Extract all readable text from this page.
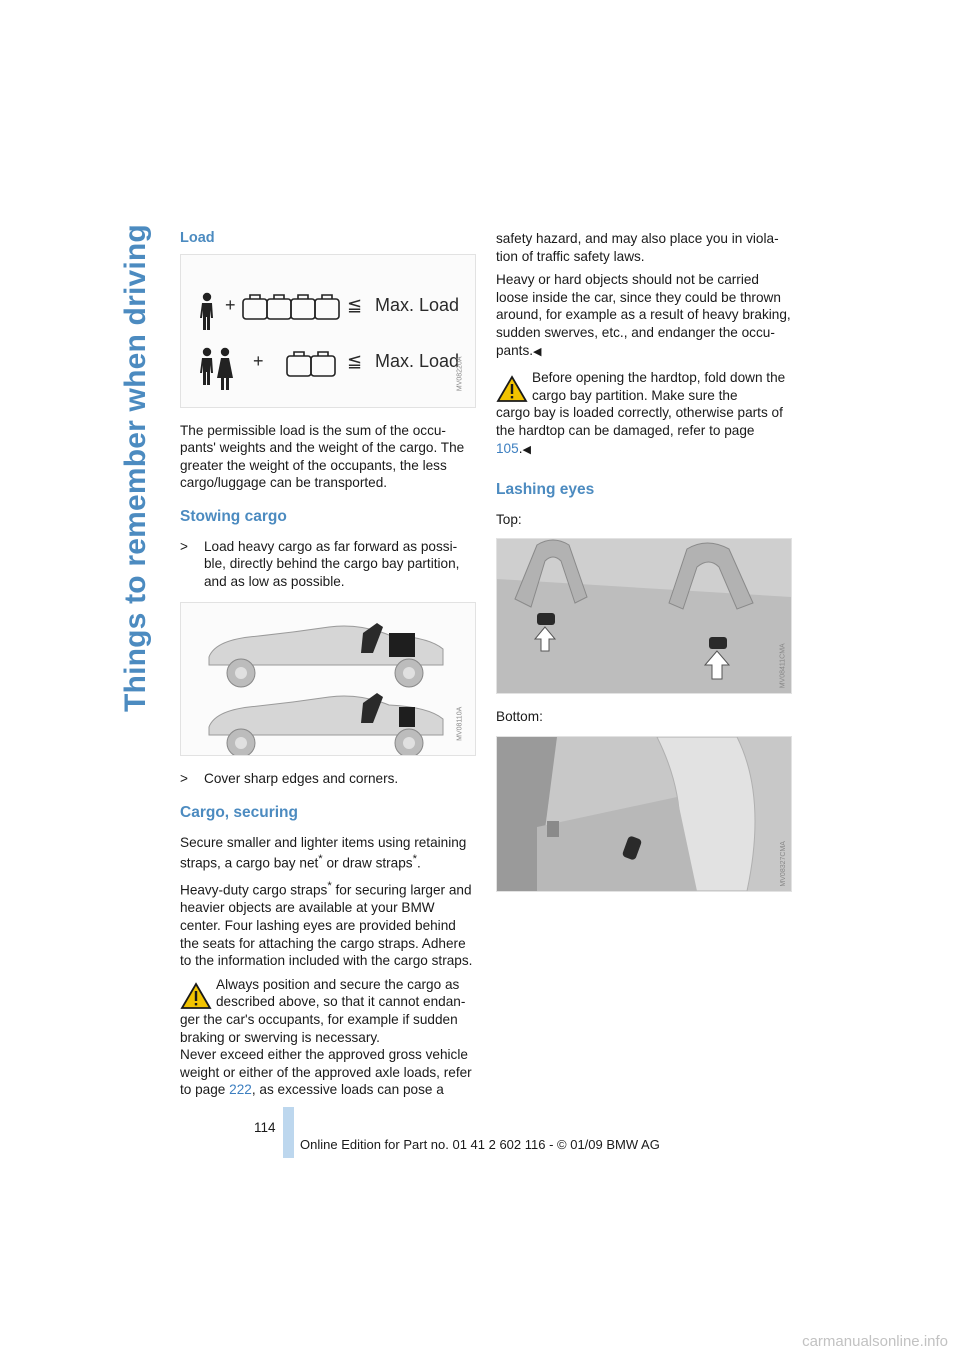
Things to remember when driving Load
+
+
≦
≦
Max. Load
Max. Load
MV08220A

The permissible load is the sum of the occu-pants' weights and the weight of the cargo. The greater the weight of the occupants, the less cargo/luggage can be transported.

Stowing cargo
>	Load heavy cargo as far forward as possi-ble, directly behind the cargo bay partition, and as low as possible.
MV08110A
>	Cover sharp edges and corners.
Cargo, securing

Secure smaller and lighter items using retaining straps, a cargo bay net* or draw straps*.

Heavy-duty cargo straps* for securing larger and heavier objects are available at your BMW center. Four lashing eyes are provided behind the seats for attaching the cargo straps. Adhere to the information included with the cargo straps.

Always position and secure the cargo as described above, so that it cannot endan-
ger the car's occupants, for example if sudden braking or swerving is necessary.

Never exceed either the approved gross vehicle weight or either of the approved axle loads, refer to page 222, as excessive loads can pose a

safety hazard, and may also place you in viola-tion of traffic safety laws.

Heavy or hard objects should not be carried loose inside the car, since they could be thrown around, for example as a result of heavy braking, sudden swerves, etc., and endanger the occu-pants.◀

Before opening the hardtop, fold down the cargo bay partition. Make sure the
cargo bay is loaded correctly, otherwise parts of the hardtop can be damaged, refer to page 105.◀

Lashing eyes

Top:

MV08411CMA

Bottom:

MV08327CMA
114
Online Edition for Part no. 01 41 2 602 116 - © 01/09 BMW AG
carmanualsonline.info
